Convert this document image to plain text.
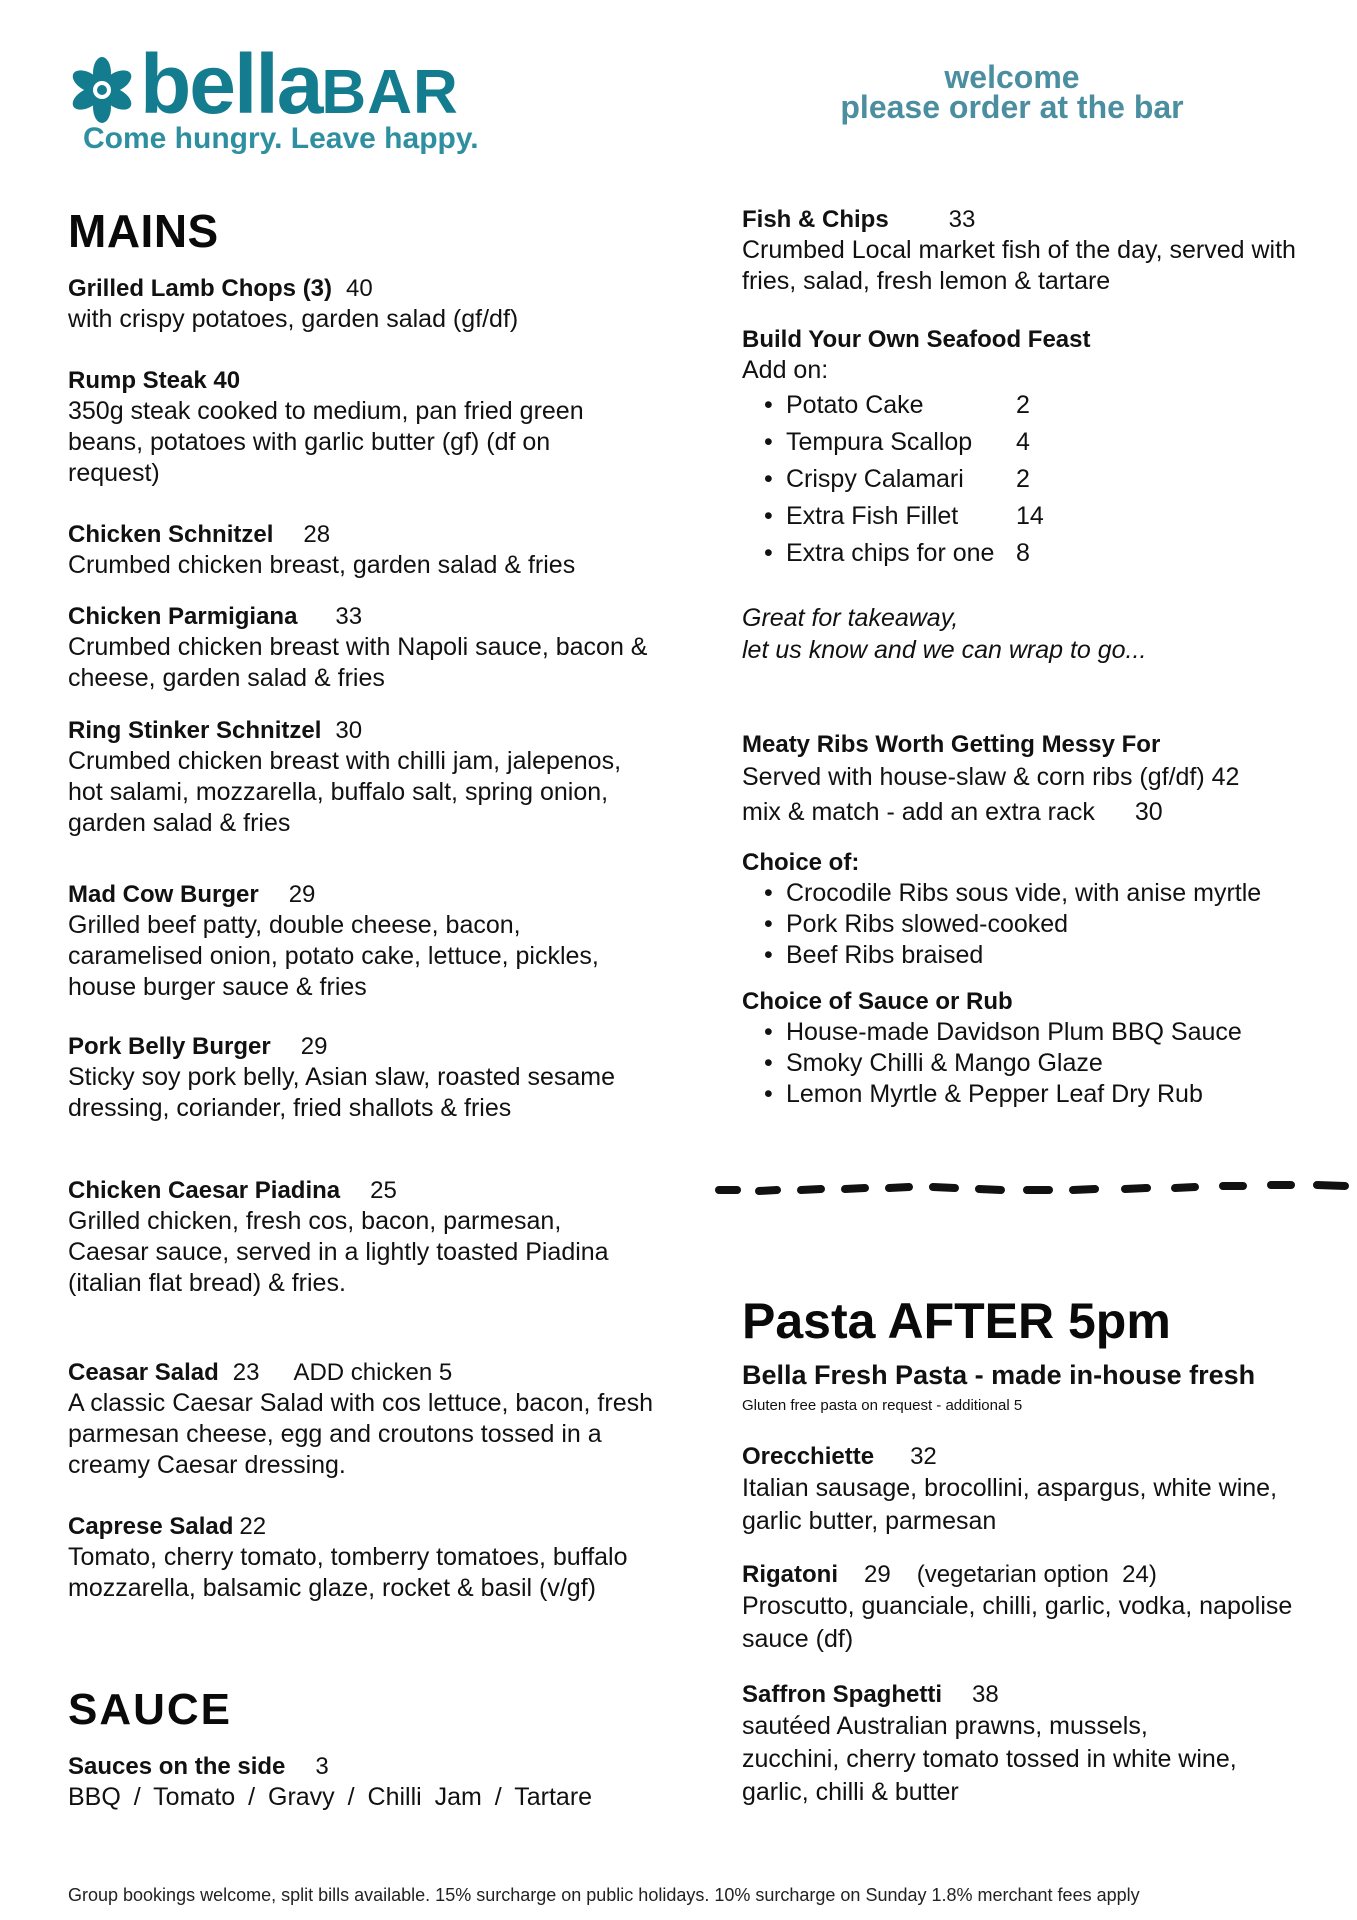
bellaBAR
Come hungry. Leave happy.
welcome
please order at the bar
MAINS
Grilled Lamb Chops (3) 40
with crispy potatoes, garden salad (gf/df)
Rump Steak 40
350g steak cooked to medium, pan fried green beans, potatoes with garlic butter (gf) (df on request)
Chicken Schnitzel 28
Crumbed chicken breast, garden salad & fries
Chicken Parmigiana 33
Crumbed chicken breast with Napoli sauce, bacon & cheese, garden salad & fries
Ring Stinker Schnitzel 30
Crumbed chicken breast with chilli jam, jalepenos, hot salami, mozzarella, buffalo salt, spring onion, garden salad & fries
Mad Cow Burger 29
Grilled beef patty, double cheese, bacon, caramelised onion, potato cake, lettuce, pickles, house burger sauce & fries
Pork Belly Burger 29
Sticky soy pork belly, Asian slaw, roasted sesame dressing, coriander, fried shallots & fries
Chicken Caesar Piadina 25
Grilled chicken, fresh cos, bacon, parmesan, Caesar sauce, served in a lightly toasted Piadina (italian flat bread) & fries.
Ceasar Salad 23 ADD chicken 5
A classic Caesar Salad with cos lettuce, bacon, fresh parmesan cheese, egg and croutons tossed in a creamy Caesar dressing.
Caprese Salad 22
Tomato, cherry tomato, tomberry tomatoes, buffalo mozzarella, balsamic glaze, rocket & basil (v/gf)
SAUCE
Sauces on the side 3
BBQ / Tomato / Gravy / Chilli Jam / Tartare
Fish & Chips	33
Crumbed Local market fish of the day, served with fries, salad, fresh lemon & tartare
Build Your Own Seafood Feast
Add on:
• Potato Cake	2
• Tempura Scallop	4
• Crispy Calamari	2
• Extra Fish Fillet	14
• Extra chips for one 8
Great for takeaway,
let us know and we can wrap to go...
Meaty Ribs Worth Getting Messy For
Served with house-slaw & corn ribs (gf/df) 42
mix & match - add an extra rack 30
Choice of:
• Crocodile Ribs sous vide, with anise myrtle
• Pork Ribs slowed-cooked
• Beef Ribs braised
Choice of Sauce or Rub
• House-made Davidson Plum BBQ Sauce
• Smoky Chilli & Mango Glaze
• Lemon Myrtle & Pepper Leaf Dry Rub
Pasta AFTER 5pm
Bella Fresh Pasta - made in-house fresh
Gluten free pasta on request - additional 5
Orecchiette 32
Italian sausage, brocollini, aspargus, white wine, garlic butter, parmesan
Rigatoni 29 (vegetarian option  24)
Proscutto, guanciale, chilli, garlic, vodka, napolise sauce (df)
Saffron Spaghetti 38
sautéed Australian prawns, mussels, zucchini, cherry tomato tossed in white wine, garlic, chilli & butter
Group bookings welcome, split bills available. 15% surcharge on public holidays. 10% surcharge on Sunday 1.8% merchant fees apply
